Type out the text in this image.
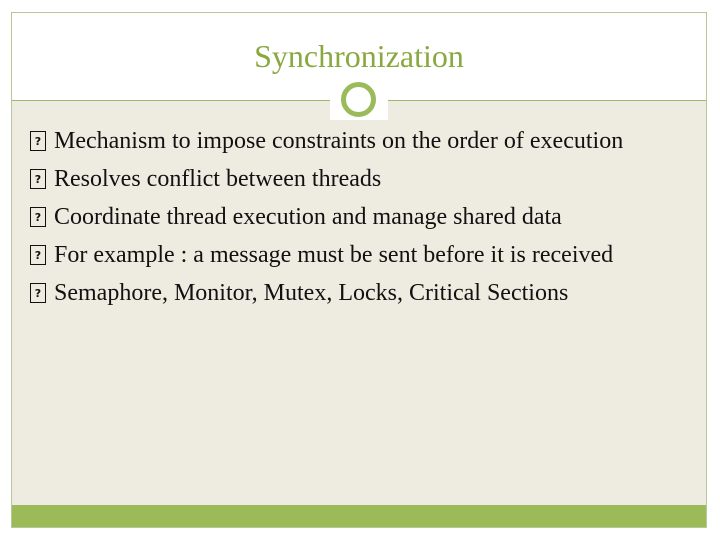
Synchronization
? Mechanism to impose constraints on the order of execution
? Resolves conflict between threads
? Coordinate thread execution and manage shared data
? For example : a message must be sent before it is received
? Semaphore, Monitor, Mutex, Locks, Critical Sections
